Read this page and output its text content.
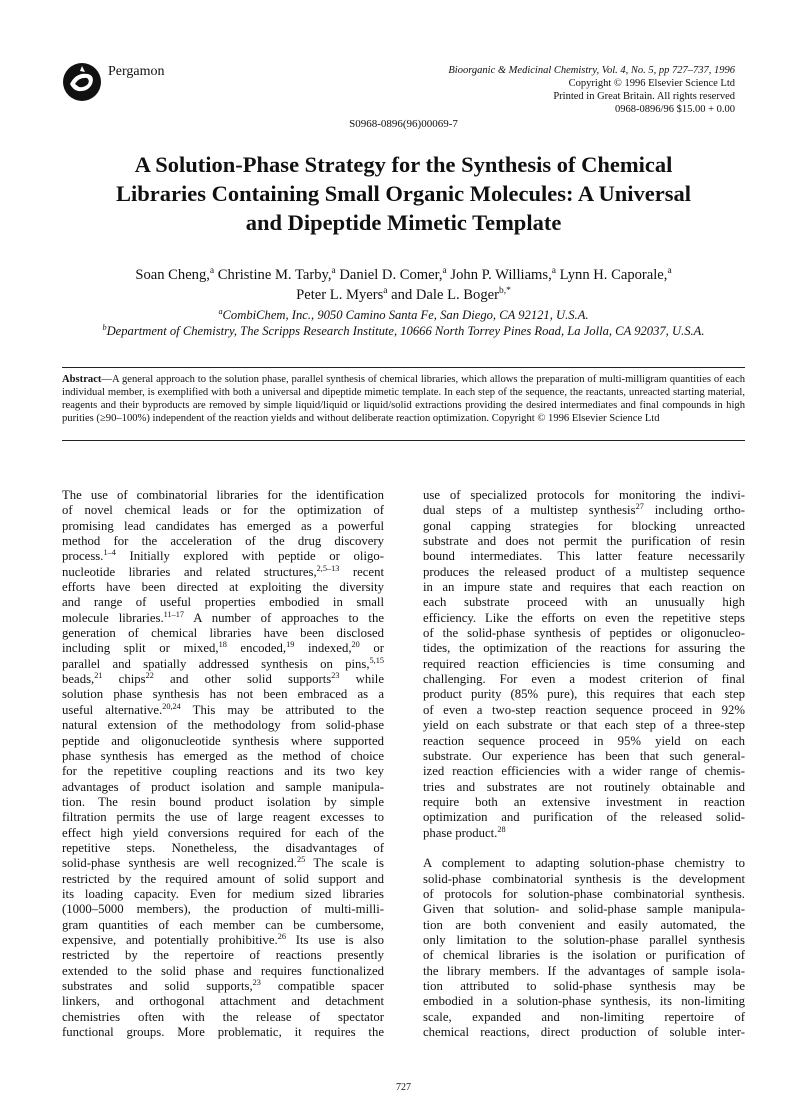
Pergamon	Bioorganic & Medicinal Chemistry, Vol. 4, No. 5, pp 727–737, 1996
Copyright © 1996 Elsevier Science Ltd
Printed in Great Britain. All rights reserved
0968-0896/96 $15.00 + 0.00
S0968-0896(96)00069-7
A Solution-Phase Strategy for the Synthesis of Chemical
Libraries Containing Small Organic Molecules: A Universal
and Dipeptide Mimetic Template
Soan Cheng,$^a$ Christine M. Tarby,$^a$ Daniel D. Comer,$^a$ John P. Williams,$^a$ Lynn H. Caporale,$^a$
Peter L. Myers$^a$ and Dale L. Boger$^{b,*}$
$^a$CombiChem, Inc., 9050 Camino Santa Fe, San Diego, CA 92121, U.S.A.
$^b$Department of Chemistry, The Scripps Research Institute, 10666 North Torrey Pines Road, La Jolla, CA 92037, U.S.A.
Abstract—A general approach to the solution phase, parallel synthesis of chemical libraries, which allows the preparation of multi-milligram quantities of each individual member, is exemplified with both a universal and dipeptide mimetic template. In each step of the sequence, the reactants, unreacted starting material, reagents and their byproducts are removed by simple liquid/liquid or liquid/solid extractions providing the desired intermediates and final compounds in high purities (≥90–100%) independent of the reaction yields and without deliberate reaction optimization. Copyright © 1996 Elsevier Science Ltd
The use of combinatorial libraries for the identification
of novel chemical leads or for the optimization of
promising lead candidates has emerged as a powerful
method for the acceleration of the drug discovery
process.$^{1-4}$ Initially explored with peptide or oligo-
nucleotide libraries and related structures,$^{2,5-13}$ recent
efforts have been directed at exploiting the diversity
and range of useful properties embodied in small
molecule libraries.$^{11-17}$ A number of approaches to the
generation of chemical libraries have been disclosed
including split or mixed,$^{18}$ encoded,$^{19}$ indexed,$^{20}$ or
parallel and spatially addressed synthesis on pins,$^{5,15}$
beads,$^{21}$ chips$^{22}$ and other solid supports$^{23}$ while
solution phase synthesis has not been embraced as a
useful alternative.$^{20,24}$ This may be attributed to the
natural extension of the methodology from solid-phase
peptide and oligonucleotide synthesis where supported
phase synthesis has emerged as the method of choice
for the repetitive coupling reactions and its two key
advantages of product isolation and sample manipula-
tion. The resin bound product isolation by simple
filtration permits the use of large reagent excesses to
effect high yield conversions required for each of the
repetitive steps. Nonetheless, the disadvantages of
solid-phase synthesis are well recognized.$^{25}$ The scale is
restricted by the required amount of solid support and
its loading capacity. Even for medium sized libraries
(1000–5000 members), the production of multi-milli-
gram quantities of each member can be cumbersome,
expensive, and potentially prohibitive.$^{26}$ Its use is also
restricted by the repertoire of reactions presently
extended to the solid phase and requires functionalized
substrates and solid supports,$^{23}$ compatible spacer
linkers, and orthogonal attachment and detachment
chemistries often with the release of spectator
functional groups. More problematic, it requires the
use of specialized protocols for monitoring the indivi-
dual steps of a multistep synthesis$^{27}$ including ortho-
gonal capping strategies for blocking unreacted
substrate and does not permit the purification of resin
bound intermediates. This latter feature necessarily
produces the released product of a multistep sequence
in an impure state and requires that each reaction on
each substrate proceed with an unusually high
efficiency. Like the efforts on even the repetitive steps
of the solid-phase synthesis of peptides or oligonucleo-
tides, the optimization of the reactions for assuring the
required reaction efficiencies is time consuming and
challenging. For even a modest criterion of final
product purity (85% pure), this requires that each step
of even a two-step reaction sequence proceed in 92%
yield on each substrate or that each step of a three-step
reaction sequence proceed in 95% yield on each
substrate. Our experience has been that such general-
ized reaction efficiencies with a wider range of chemis-
tries and substrates are not routinely obtainable and
require both an extensive investment in reaction
optimization and purification of the released solid-
phase product.$^{28}$
A complement to adapting solution-phase chemistry to
solid-phase combinatorial synthesis is the development
of protocols for solution-phase combinatorial synthesis.
Given that solution- and solid-phase sample manipula-
tion are both convenient and easily automated, the
only limitation to the solution-phase parallel synthesis
of chemical libraries is the isolation or purification of
the library members. If the advantages of sample isola-
tion attributed to solid-phase synthesis may be
embodied in a solution-phase synthesis, its non-limiting
scale, expanded and non-limiting repertoire of
chemical reactions, direct production of soluble inter-
727
